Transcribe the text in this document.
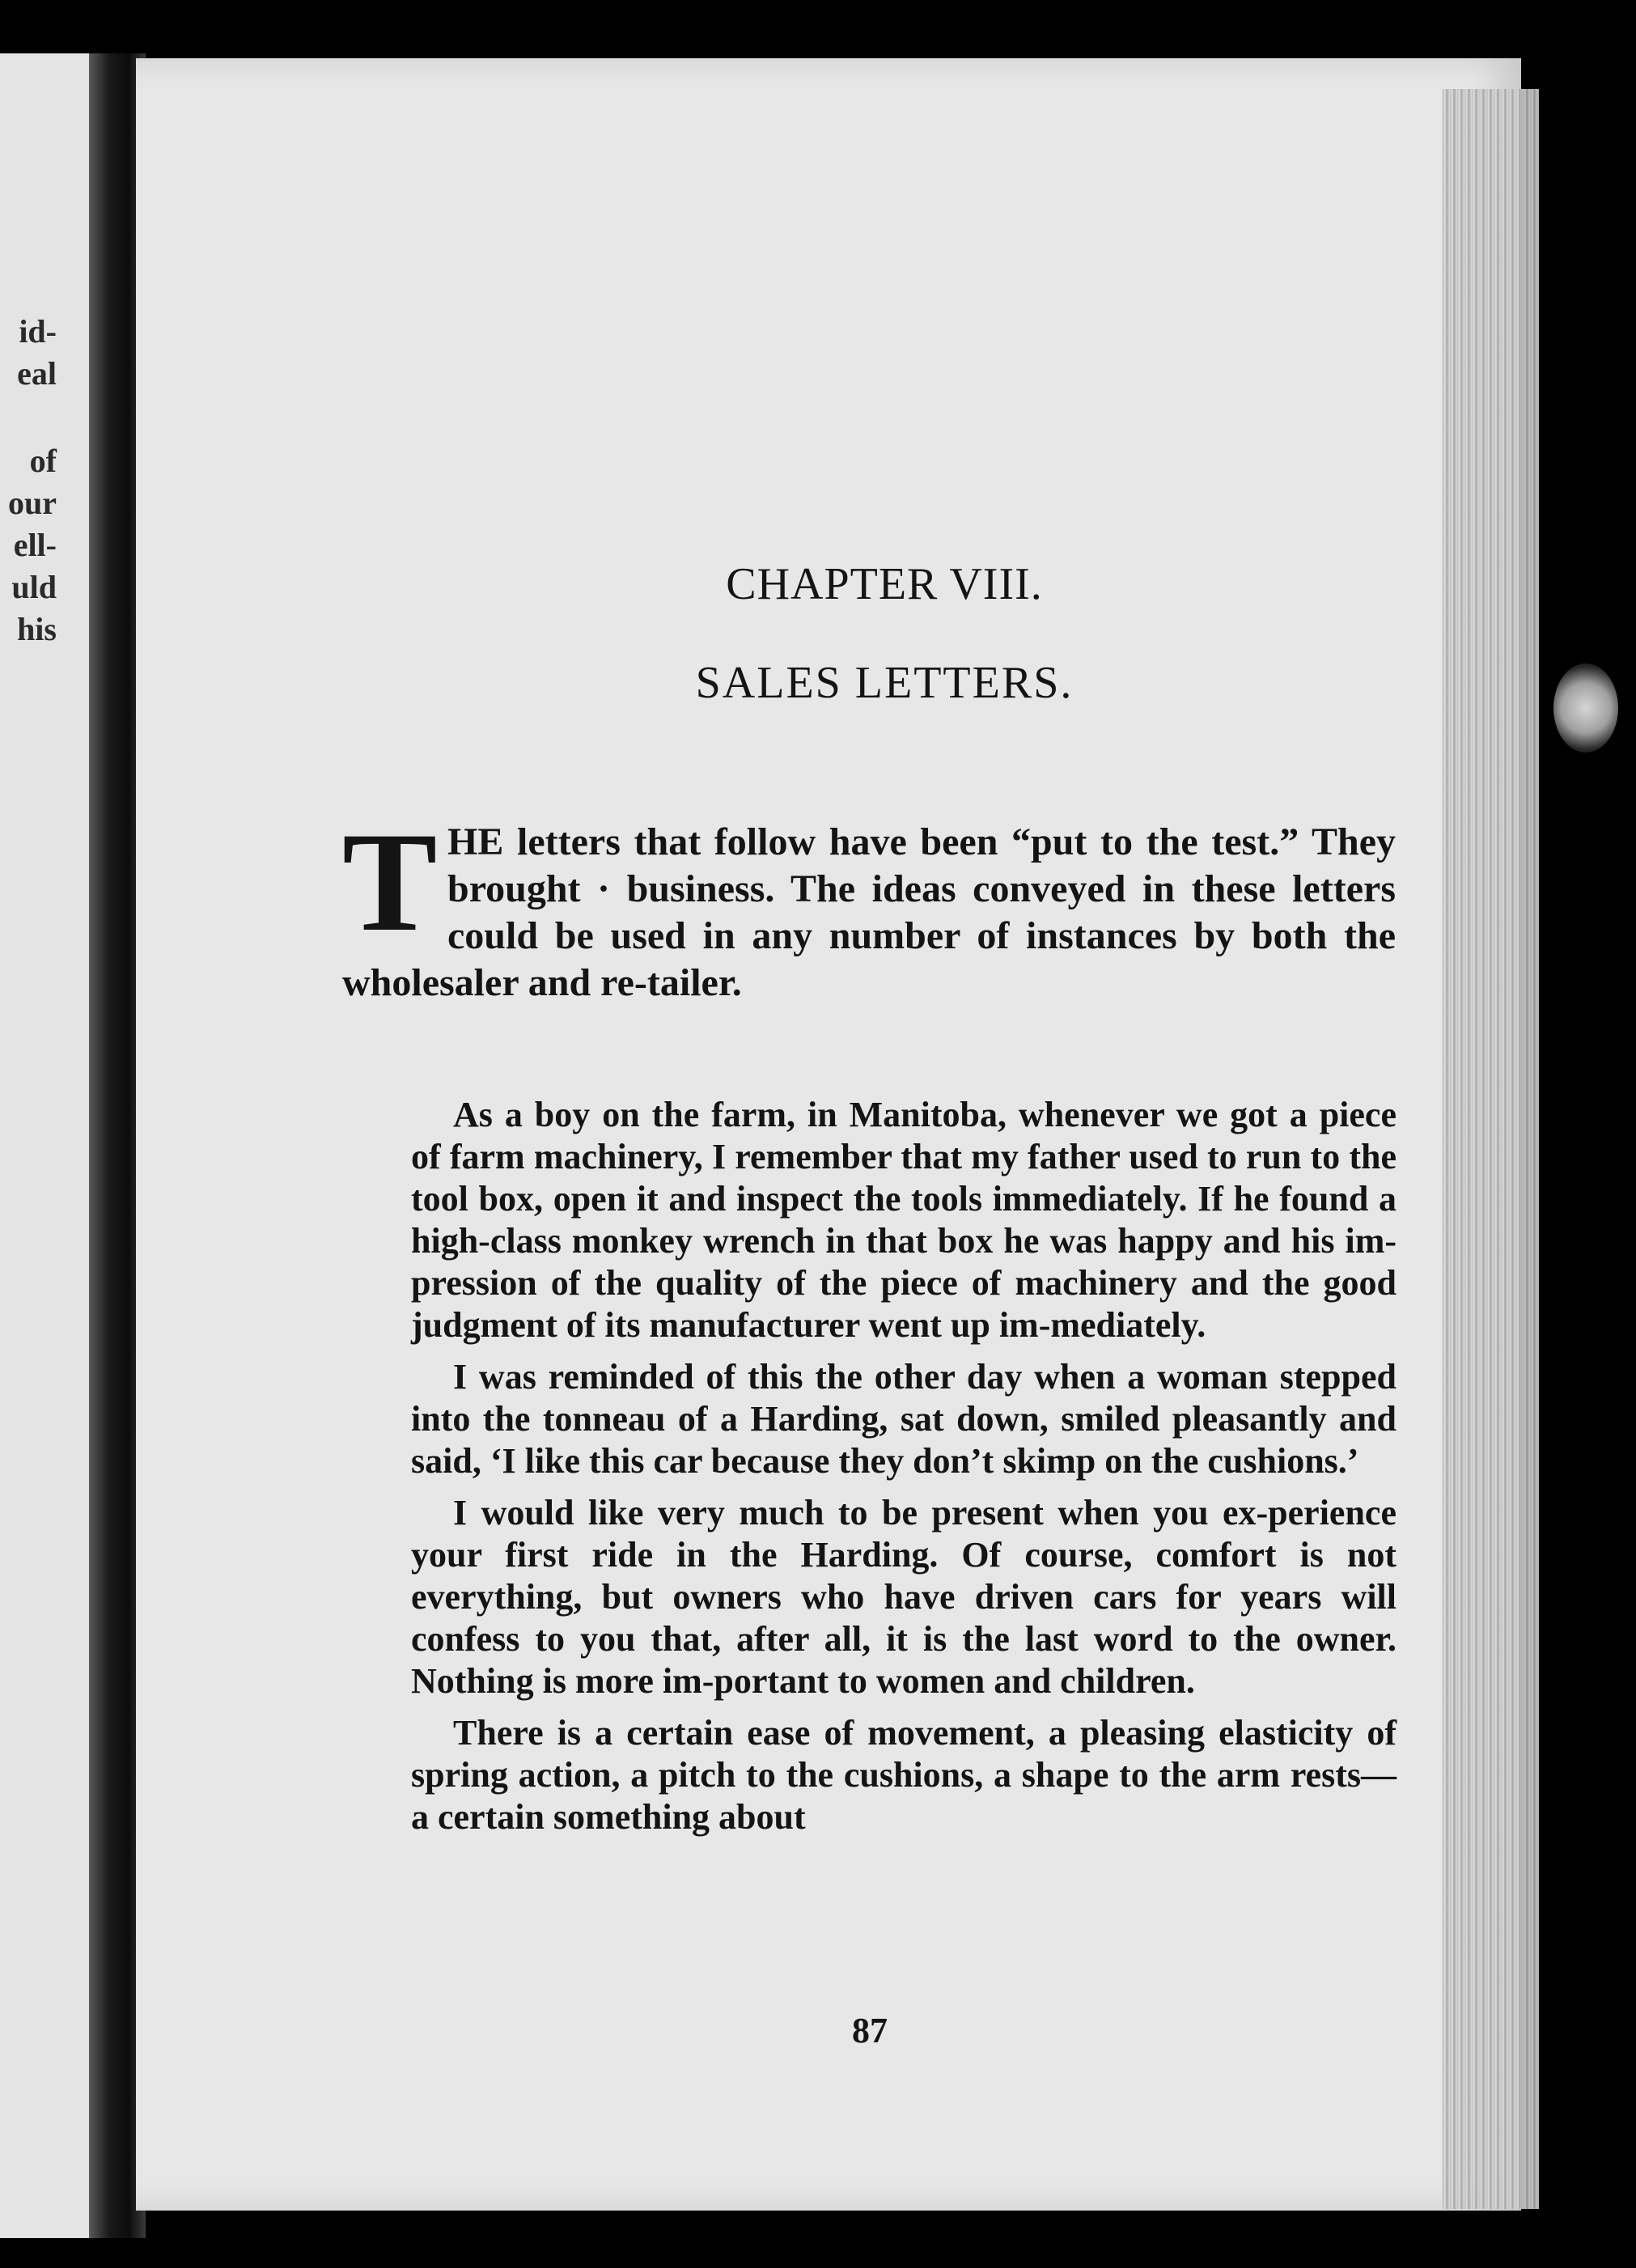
id-
eal
of
our
ell-
uld
his
CHAPTER VIII.
SALES LETTERS.

THE letters that follow have been “put to the test.” They brought · business. The ideas conveyed in these letters could be used in any number of instances by both the wholesaler and re-tailer.

As a boy on the farm, in Manitoba, whenever we got a piece of farm machinery, I remember that my father used to run to the tool box, open it and inspect the tools immediately. If he found a high-class monkey wrench in that box he was happy and his im-pression of the quality of the piece of machinery and the good judgment of its manufacturer went up im-mediately.

I was reminded of this the other day when a woman stepped into the tonneau of a Harding, sat down, smiled pleasantly and said, ‘I like this car because they don’t skimp on the cushions.’

I would like very much to be present when you ex-perience your first ride in the Harding. Of course, comfort is not everything, but owners who have driven cars for years will confess to you that, after all, it is the last word to the owner. Nothing is more im-portant to women and children.

There is a certain ease of movement, a pleasing elasticity of spring action, a pitch to the cushions, a shape to the arm rests—a certain something about

87
